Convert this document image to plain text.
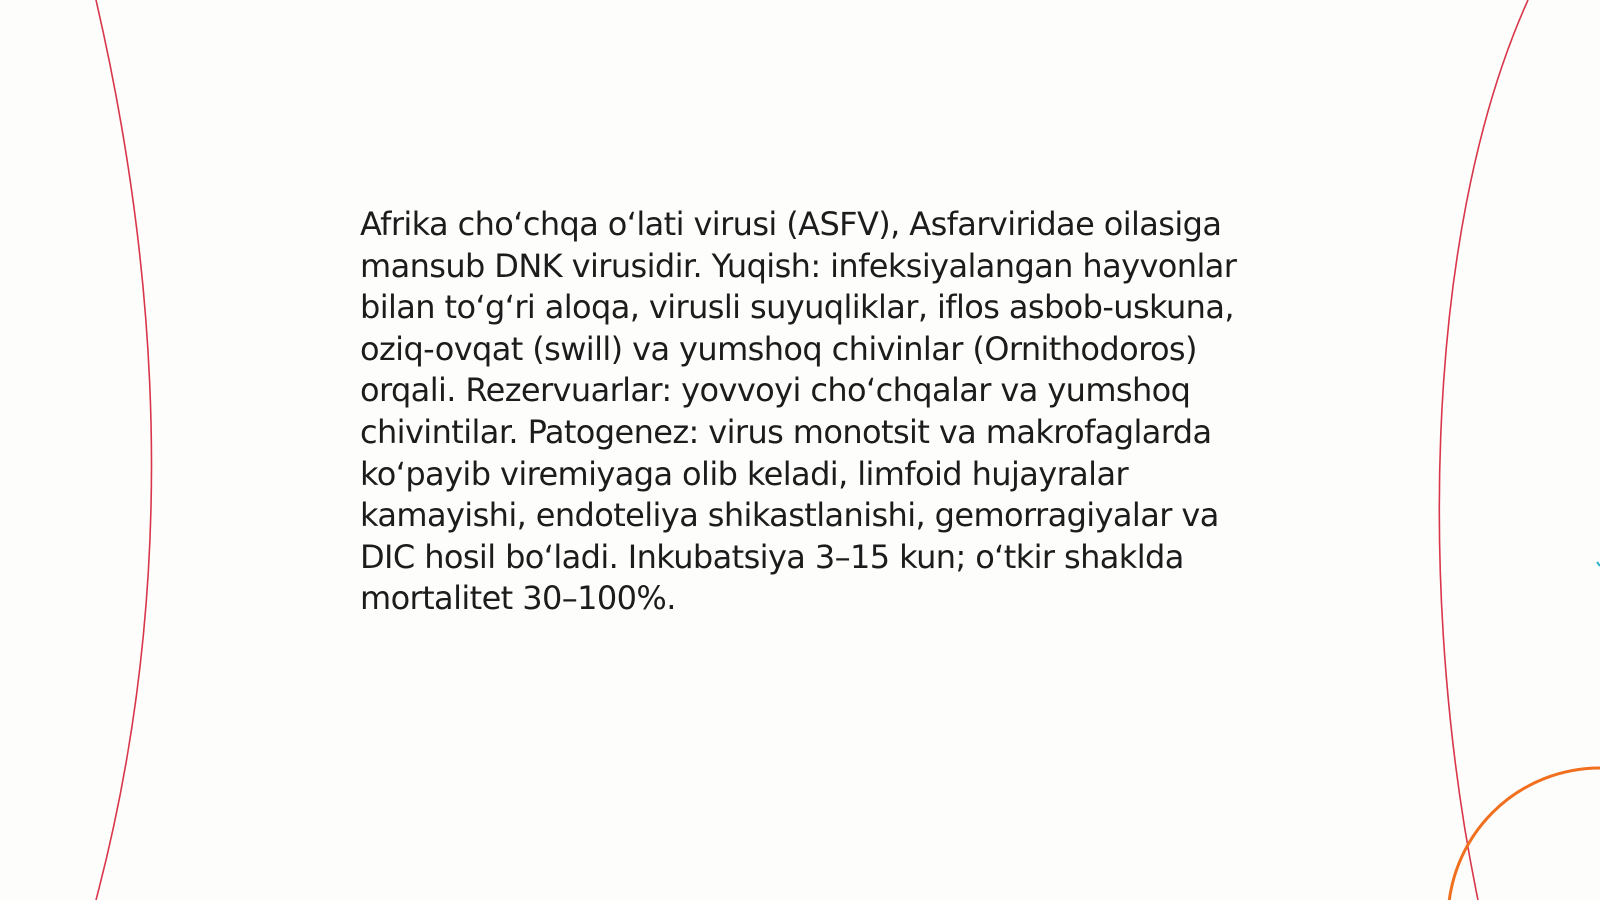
Afrika choʻchqa oʻlati virusi (ASFV), Asfarviridae oilasiga mansub DNK virusidir. Yuqish: infeksiyalangan hayvonlar bilan toʻgʻri aloqa, virusli suyuqliklar, iflos asbob-uskuna, oziq-ovqat (swill) va yumshoq chivinlar (Ornithodoros) orqali. Rezervuarlar: yovvoyi choʻchqalar va yumshoq chivintilar. Patogenez: virus monotsit va makrofaglarda koʻpayib viremiyaga olib keladi, limfoid hujayralar kamayishi, endoteliya shikastlanishi, gemorragiyalar va DIC hosil boʻladi. Inkubatsiya 3–15 kun; oʻtkir shaklda mortalitet 30–100%.
